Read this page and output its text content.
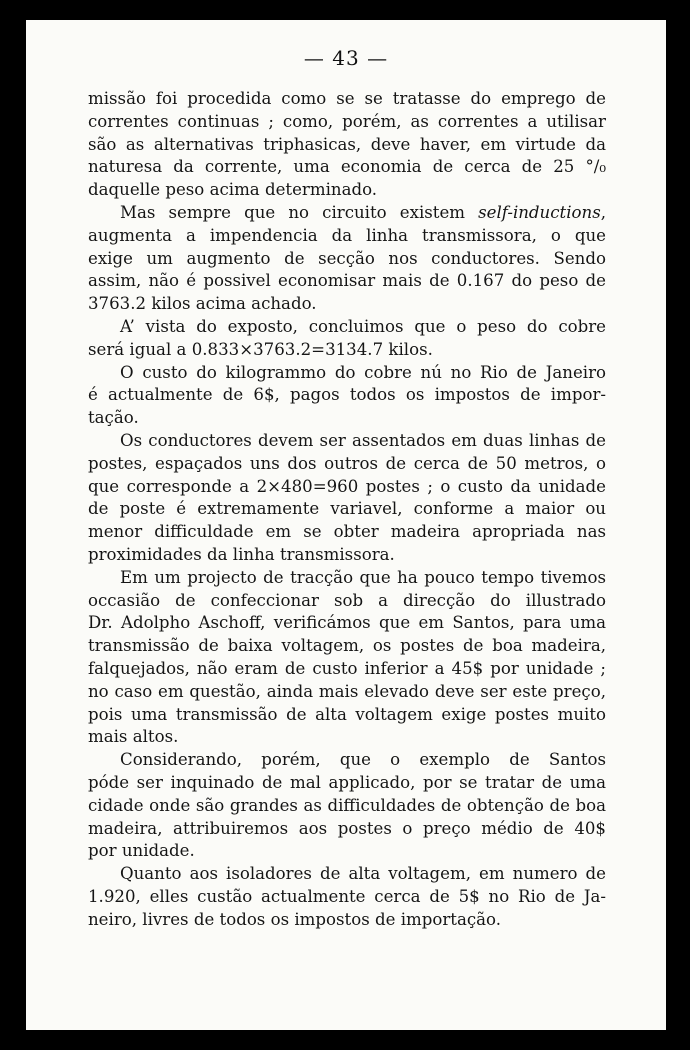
— 43 —

missão foi procedida como se se tratasse do emprego de
correntes continuas ; como, porém, as correntes a utilisar
são as alternativas triphasicas, deve haver, em virtude da
naturesa da corrente, uma economia de cerca de 25 °/₀
daquelle peso acima determinado.

Mas sempre que no circuito existem self-inductions,
augmenta a impendencia da linha transmissora, o que
exige um augmento de secção nos conductores. Sendo
assim, não é possivel economisar mais de 0.167 do peso de
3763.2 kilos acima achado.

A’ vista do exposto, concluimos que o peso do cobre
será igual a 0.833×3763.2=3134.7 kilos.

O custo do kilogrammo do cobre nú no Rio de Janeiro
é actualmente de 6$, pagos todos os impostos de impor-
tação.

Os conductores devem ser assentados em duas linhas de
postes, espaçados uns dos outros de cerca de 50 metros, o
que corresponde a 2×480=960 postes ; o custo da unidade
de poste é extremamente variavel, conforme a maior ou
menor difficuldade em se obter madeira apropriada nas
proximidades da linha transmissora.

Em um projecto de tracção que ha pouco tempo tivemos
occasião de confeccionar sob a direcção do illustrado
Dr. Adolpho Aschoff, verificámos que em Santos, para uma
transmissão de baixa voltagem, os postes de boa madeira,
falquejados, não eram de custo inferior a 45$ por unidade ;
no caso em questão, ainda mais elevado deve ser este preço,
pois uma transmissão de alta voltagem exige postes muito
mais altos.

Considerando, porém, que o exemplo de Santos
póde ser inquinado de mal applicado, por se tratar de uma
cidade onde são grandes as difficuldades de obtenção de boa
madeira, attribuiremos aos postes o preço médio de 40$
por unidade.

Quanto aos isoladores de alta voltagem, em numero de
1.920, elles custão actualmente cerca de 5$ no Rio de Ja-
neiro, livres de todos os impostos de importação.
